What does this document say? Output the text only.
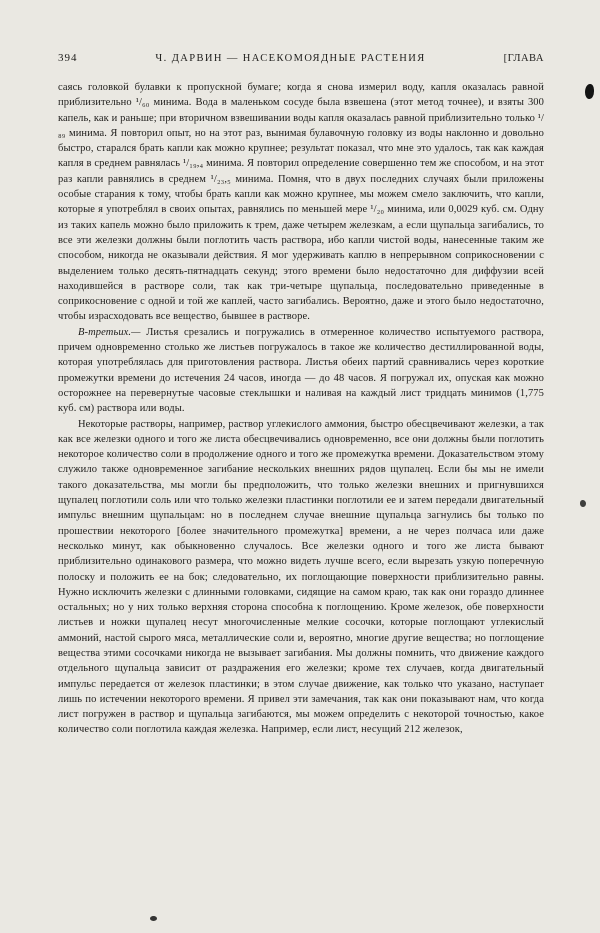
394	Ч. ДАРВИН — НАСЕКОМОЯДНЫЕ РАСТЕНИЯ	[ГЛАВА

саясь головкой булавки к пропускной бумаге; когда я снова измерил воду, капля оказалась равной приблизительно ¹/₆₀ минима. Вода в маленьком сосуде была взвешена (этот метод точнее), и взяты 300 капель, как и раньше; при вторичном взвешивании воды капля оказалась равной приблизительно только ¹/₈₉ минима. Я повторил опыт, но на этот раз, вынимая булавочную головку из воды наклонно и довольно быстро, старался брать капли как можно крупнее; результат показал, что мне это удалось, так как каждая капля в среднем равнялась ¹/₁₉,₄ минима. Я повторил определение совершенно тем же способом, и на этот раз капли равнялись в среднем ¹/₂₃,₅ минима. Помня, что в двух последних случаях были приложены особые старания к тому, чтобы брать капли как можно крупнее, мы можем смело заключить, что капли, которые я употреблял в своих опытах, равнялись по меньшей мере ¹/₂₀ минима, или 0,0029 куб. см. Одну из таких капель можно было приложить к трем, даже четырем железкам, а если щупальца загибались, то все эти железки должны были поглотить часть раствора, ибо капли чистой воды, нанесенные таким же способом, никогда не оказывали действия. Я мог удерживать каплю в непрерывном соприкосновении с выделением только десять-пятнадцать секунд; этого времени было недостаточно для диффузии всей находившейся в растворе соли, так как три-четыре щупальца, последовательно приведенные в соприкосновение с одной и той же каплей, часто загибались. Вероятно, даже и этого было недостаточно, чтобы израсходовать все вещество, бывшее в растворе.

В-третьих.— Листья срезались и погружались в отмеренное количество испытуемого раствора, причем одновременно столько же листьев погружалось в такое же количество дестиллированной воды, которая употреблялась для приготовления раствора. Листья обеих партий сравнивались через короткие промежутки времени до истечения 24 часов, иногда — до 48 часов. Я погружал их, опуская как можно осторожнее на перевернутые часовые стеклышки и наливая на каждый лист тридцать минимов (1,775 куб. см) раствора или воды.

Некоторые растворы, например, раствор углекислого аммония, быстро обесцвечивают железки, а так как все железки одного и того же листа обесцвечивались одновременно, все они должны были поглотить некоторое количество соли в продолжение одного и того же промежутка времени. Доказательством этому служило также одновременное загибание нескольких внешних рядов щупалец. Если бы мы не имели такого доказательства, мы могли бы предположить, что только железки внешних и пригнувшихся щупалец поглотили соль или что только железки пластинки поглотили ее и затем передали двигательный импульс внешним щупальцам: но в последнем случае внешние щупальца загнулись бы только по прошествии некоторого [более значительного промежутка] времени, а не через полчаса или даже несколько минут, как обыкновенно случалось. Все железки одного и того же листа бывают приблизительно одинакового размера, что можно видеть лучше всего, если вырезать узкую поперечную полоску и положить ее на бок; следовательно, их поглощающие поверхности приблизительно равны. Нужно исключить железки с длинными головками, сидящие на самом краю, так как они гораздо длиннее остальных; но у них только верхняя сторона способна к поглощению. Кроме железок, обе поверхности листьев и ножки щупалец несут многочисленные мелкие сосочки, которые поглощают углекислый аммоний, настой сырого мяса, металлические соли и, вероятно, многие другие вещества; но поглощение вещества этими сосочками никогда не вызывает загибания. Мы должны помнить, что движение каждого отдельного щупальца зависит от раздражения его железки; кроме тех случаев, когда двигательный импульс передается от железок пластинки; в этом случае движение, как только что указано, наступает лишь по истечении некоторого времени. Я привел эти замечания, так как они показывают нам, что когда лист погружен в раствор и щупальца загибаются, мы можем определить с некоторой точностью, какое количество соли поглотила каждая железка. Например, если лист, несущий 212 железок,
